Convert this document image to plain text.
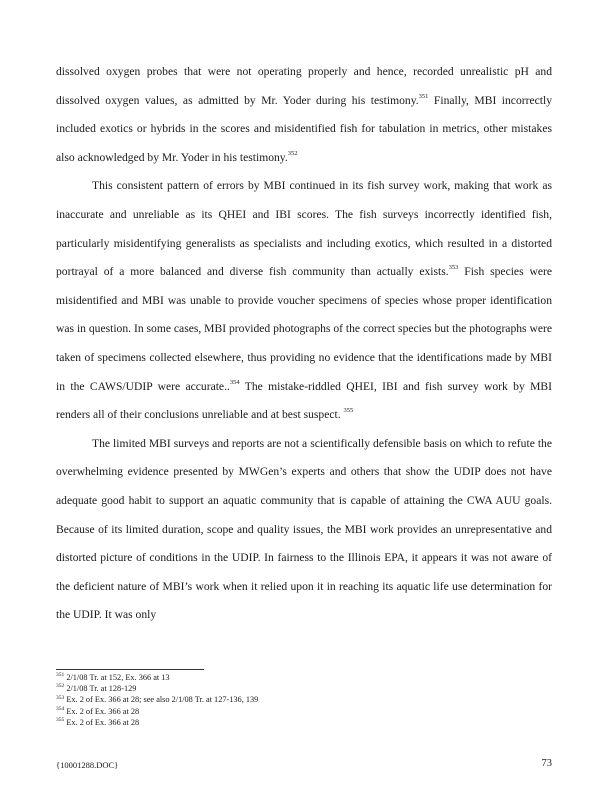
dissolved oxygen probes that were not operating properly and hence, recorded unrealistic pH and dissolved oxygen values, as admitted by Mr. Yoder during his testimony.$^{351}$ Finally, MBI incorrectly included exotics or hybrids in the scores and misidentified fish for tabulation in metrics, other mistakes also acknowledged by Mr. Yoder in his testimony.$^{352}$

This consistent pattern of errors by MBI continued in its fish survey work, making that work as inaccurate and unreliable as its QHEI and IBI scores. The fish surveys incorrectly identified fish, particularly misidentifying generalists as specialists and including exotics, which resulted in a distorted portrayal of a more balanced and diverse fish community than actually exists.$^{353}$ Fish species were misidentified and MBI was unable to provide voucher specimens of species whose proper identification was in question. In some cases, MBI provided photographs of the correct species but the photographs were taken of specimens collected elsewhere, thus providing no evidence that the identifications made by MBI in the CAWS/UDIP were accurate..$^{354}$ The mistake-riddled QHEI, IBI and fish survey work by MBI renders all of their conclusions unreliable and at best suspect. $^{355}$

The limited MBI surveys and reports are not a scientifically defensible basis on which to refute the overwhelming evidence presented by MWGen’s experts and others that show the UDIP does not have adequate good habit to support an aquatic community that is capable of attaining the CWA AUU goals. Because of its limited duration, scope and quality issues, the MBI work provides an unrepresentative and distorted picture of conditions in the UDIP. In fairness to the Illinois EPA, it appears it was not aware of the deficient nature of MBI’s work when it relied upon it in reaching its aquatic life use determination for the UDIP. It was only

$^{351}$ 2/1/08 Tr. at 152, Ex. 366 at 13
$^{352}$ 2/1/08 Tr. at 128-129
$^{353}$ Ex. 2 of Ex. 366 at 28; see also 2/1/08 Tr. at 127-136, 139
$^{354}$ Ex. 2 of Ex. 366 at 28
$^{355}$ Ex. 2 of Ex. 366 at 28
{10001288.DOC}	73
